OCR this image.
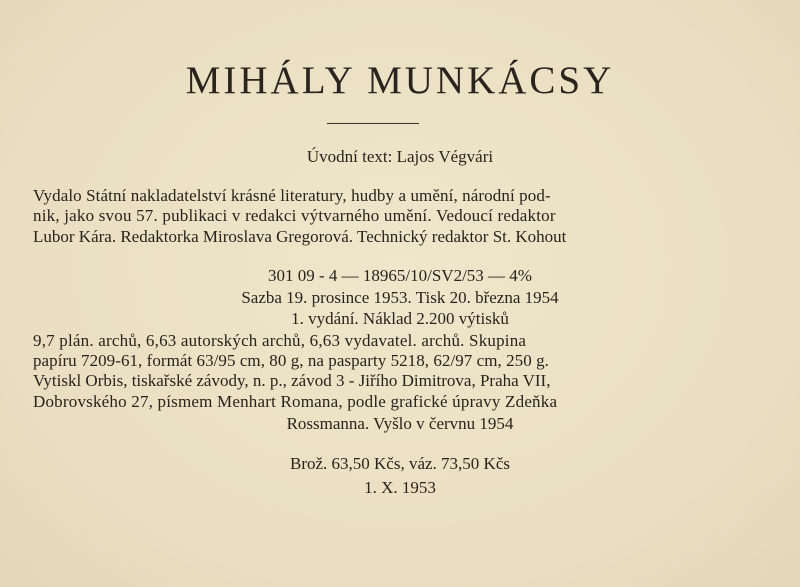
MIHÁLY MUNKÁCSY
Úvodní text: Lajos Végvári
Vydalo Státní nakladatelství krásné literatury, hudby a umění, národní pod-
nik, jako svou 57. publikaci v redakci výtvarného umění. Vedoucí redaktor
Lubor Kára. Redaktorka Miroslava Gregorová. Technický redaktor St. Kohout
301 09 - 4 — 18965/10/SV2/53 — 4%
Sazba 19. prosince 1953. Tisk 20. března 1954
1. vydání. Náklad 2.200 výtisků
9,7 plán. archů, 6,63 autorských archů, 6,63 vydavatel. archů. Skupina
papíru 7209-61, formát 63/95 cm, 80 g, na pasparty 5218, 62/97 cm, 250 g.
Vytiskl Orbis, tiskařské závody, n. p., závod 3 - Jiřího Dimitrova, Praha VII,
Dobrovského 27, písmem Menhart Romana, podle grafické úpravy Zdeňka
Rossmanna. Vyšlo v červnu 1954
Brož. 63,50 Kčs, váz. 73,50 Kčs
1. X. 1953
